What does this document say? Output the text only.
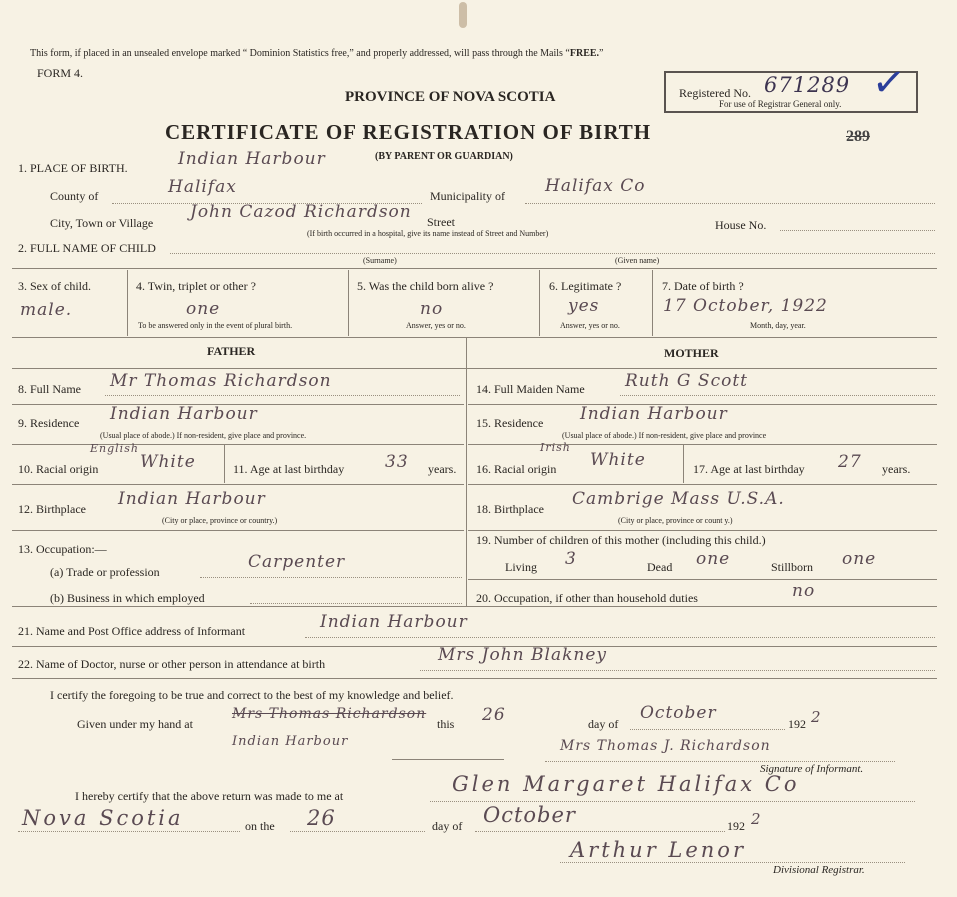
This form, if placed in an unsealed envelope marked “ Dominion Statistics free,” and properly addressed, will pass through the Mails “FREE.”
FORM 4.
PROVINCE OF NOVA SCOTIA
CERTIFICATE OF REGISTRATION OF BIRTH
(BY PARENT OR GUARDIAN)
Registered No. 671289
For use of Registrar General only. ✓
289
1. PLACE OF BIRTH.	Indian Harbour
County of	Halifax	Municipality of Halifax Co
City, Town or Village
John Cazod Richardson Street
(If birth occurred in a hospital, give its name instead of Street and Number)
House No.
2. FULL NAME OF CHILD
(Surname)	(Given name)
3. Sex of child.
male.
4. Twin, triplet or other ?
one
To be answered only in the event of plural birth.
5. Was the child born alive ?
no
Answer, yes or no.
6. Legitimate ?
yes
Answer, yes or no.
7. Date of birth ?
17 October, 1922
Month, day, year.
FATHER	MOTHER
8. Full Name Mr Thomas Richardson
9. Residence Indian Harbour
(Usual place of abode.) If non-resident, give place and province.
10. Racial origin
English
White	11. Age at last birthday 33 years.
12. Birthplace Indian Harbour
(City or place, province or country.)
13. Occupation:—
(a) Trade or profession	Carpenter
(b) Business in which employed
14. Full Maiden Name Ruth G Scott
15. Residence Indian Harbour
(Usual place of abode.) If non-resident, give place and province
16. Racial origin
Irish
White	17. Age at last birthday 27 years.
18. Birthplace Cambrige Mass U.S.A.
(City or place, province or count y.)
19. Number of children of this mother (including this child.)
Living 3	Dead one	Stillborn one
20. Occupation, if other than household duties	no
21. Name and Post Office address of Informant	Indian Harbour
22. Name of Doctor, nurse or other person in attendance at birth	Mrs John Blakney
I certify the foregoing to be true and correct to the best of my knowledge and belief.
Given under my hand at
Mrs Thomas Richardson
Indian Harbour
this 26	day of
October
192 2
Mrs Thomas J. Richardson
Signature of Informant.
I hereby certify that the above return was made to me at	Glen Margaret Halifax Co
Nova Scotia	on the 26	day of October	192 2
Arthur Lenor
Divisional Registrar.
